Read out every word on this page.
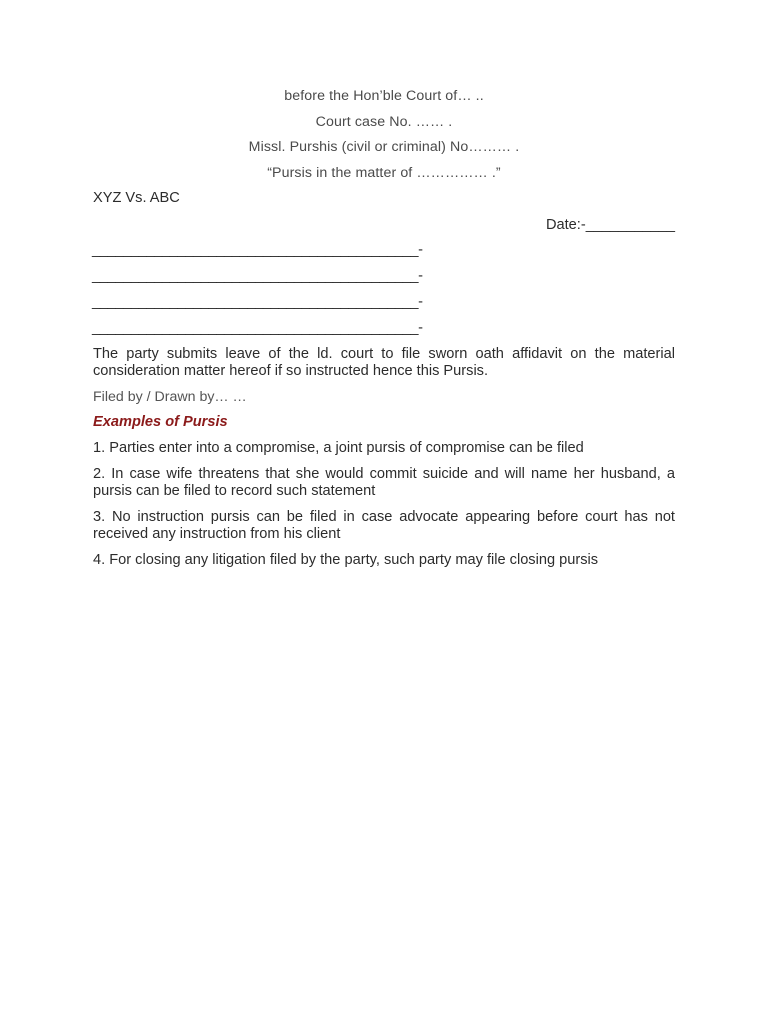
before the Hon’ble Court of… ..
Court case No. …… .
Missl. Purshis (civil or criminal) No……… .
“Pursis in the matter of …………… .”
XYZ Vs. ABC
Date:-___________
__________________________________________-
__________________________________________-
__________________________________________-
__________________________________________-
The party submits leave of the ld. court to file sworn oath affidavit on the material consideration matter hereof if so instructed hence this Pursis.
Filed by / Drawn by… …
Examples of Pursis
1. Parties enter into a compromise, a joint pursis of compromise can be filed
2. In case wife threatens that she would commit suicide and will name her husband, a pursis can be filed to record such statement
3. No instruction pursis can be filed in case advocate appearing before court has not received any instruction from his client
4. For closing any litigation filed by the party, such party may file closing pursis
